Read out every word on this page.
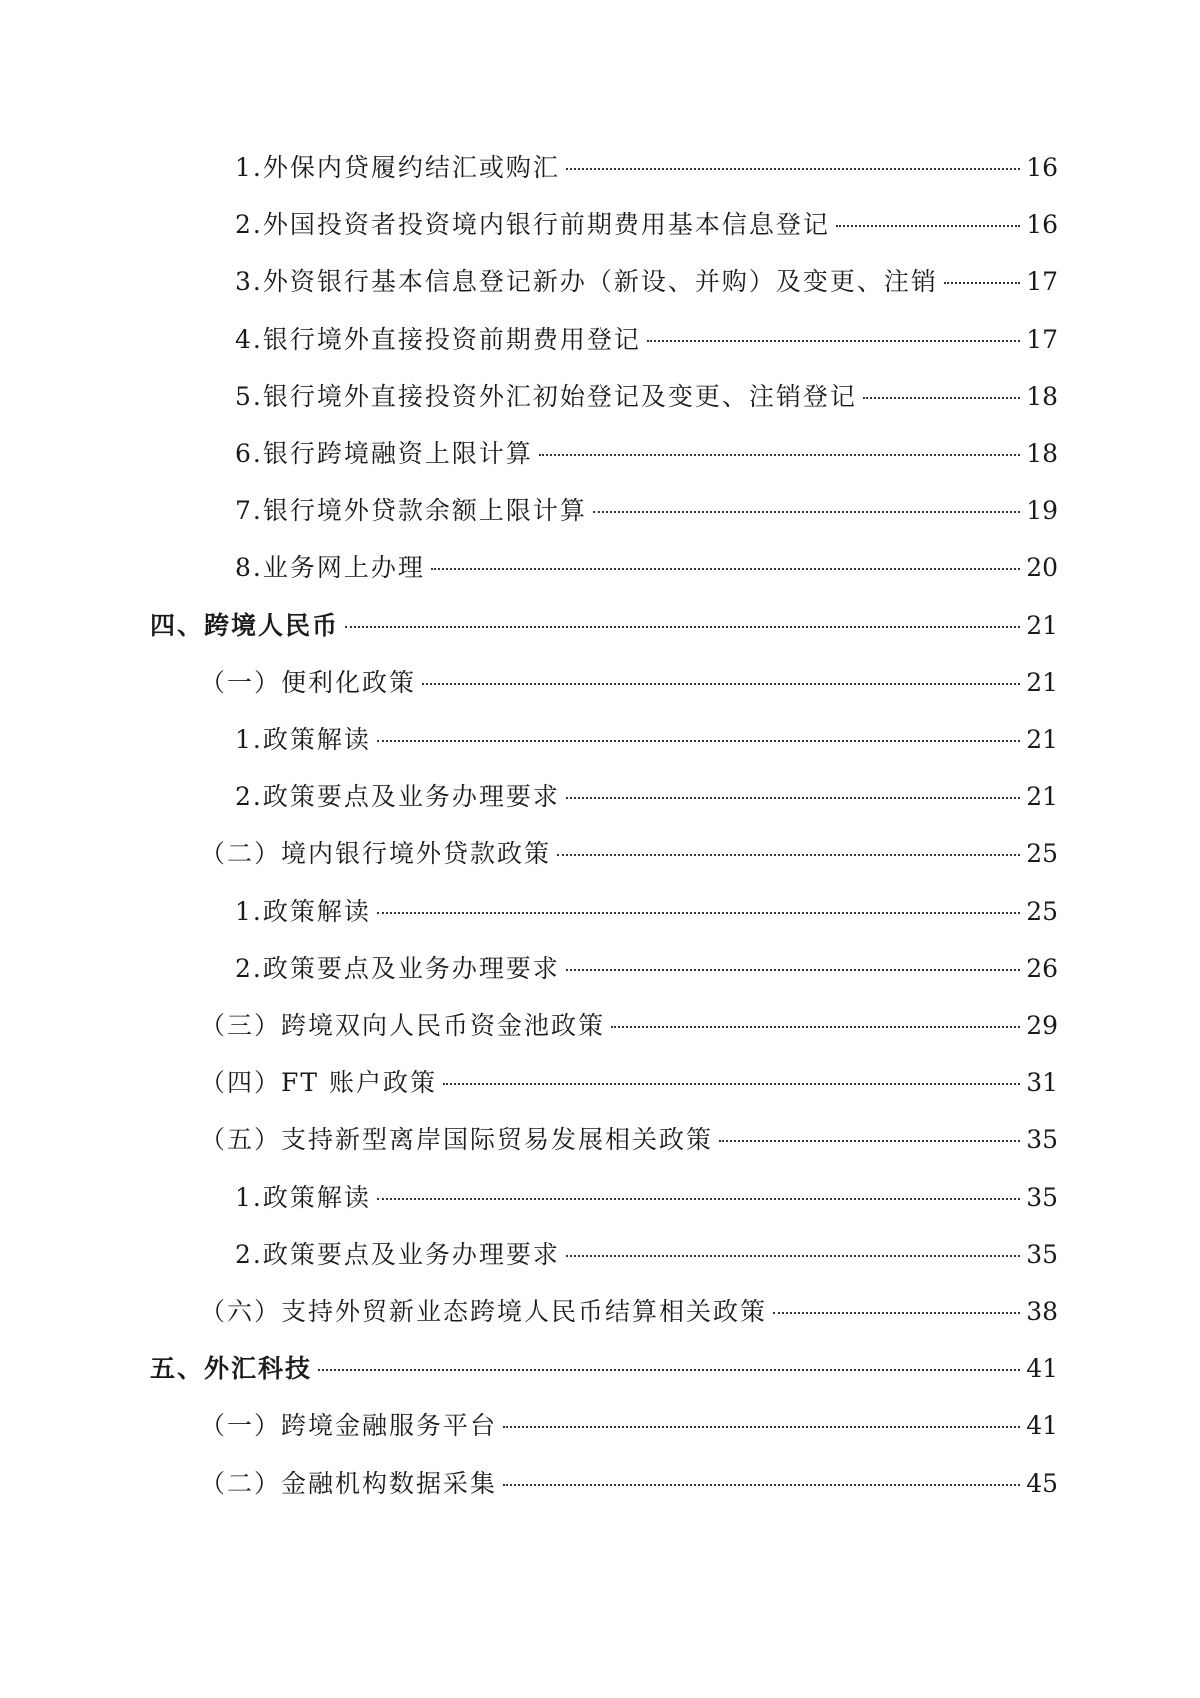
1.外保内贷履约结汇或购汇	16
2.外国投资者投资境内银行前期费用基本信息登记	16
3.外资银行基本信息登记新办（新设、并购）及变更、注销	17
4.银行境外直接投资前期费用登记	17
5.银行境外直接投资外汇初始登记及变更、注销登记	18
6.银行跨境融资上限计算	18
7.银行境外贷款余额上限计算	19
8.业务网上办理	20
四、跨境人民币	21
（一）便利化政策	21
1.政策解读	21
2.政策要点及业务办理要求	21
（二）境内银行境外贷款政策	25
1.政策解读	25
2.政策要点及业务办理要求	26
（三）跨境双向人民币资金池政策	29
（四）FT 账户政策	31
（五）支持新型离岸国际贸易发展相关政策	35
1.政策解读	35
2.政策要点及业务办理要求	35
（六）支持外贸新业态跨境人民币结算相关政策	38
五、外汇科技	41
（一）跨境金融服务平台	41
（二）金融机构数据采集	45
